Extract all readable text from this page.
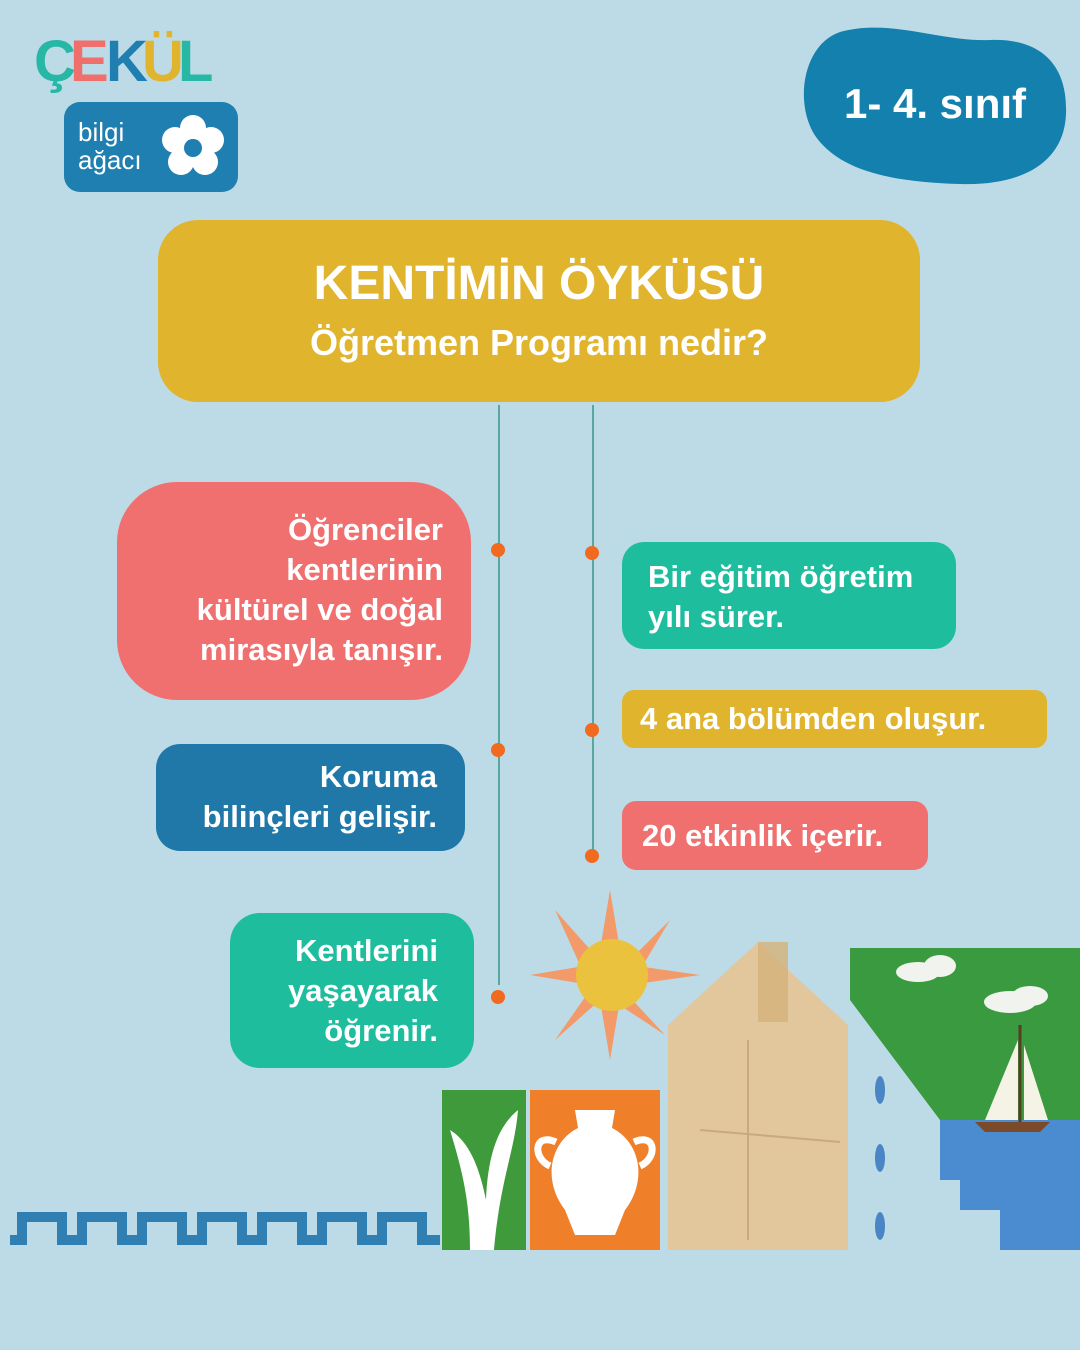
Ç
E K
Ü
L
bilgi
ağacı
1- 4. sınıf
KENTİMİN ÖYKÜSÜ
Öğretmen Programı nedir?
Öğrenciler
kentlerinin
kültürel ve doğal
mirasıyla tanışır.
Koruma
bilinçleri gelişir.
Kentlerini
yaşayarak
öğrenir.
Bir eğitim öğretim
yılı sürer.
4 ana bölümden oluşur.
20 etkinlik içerir.
